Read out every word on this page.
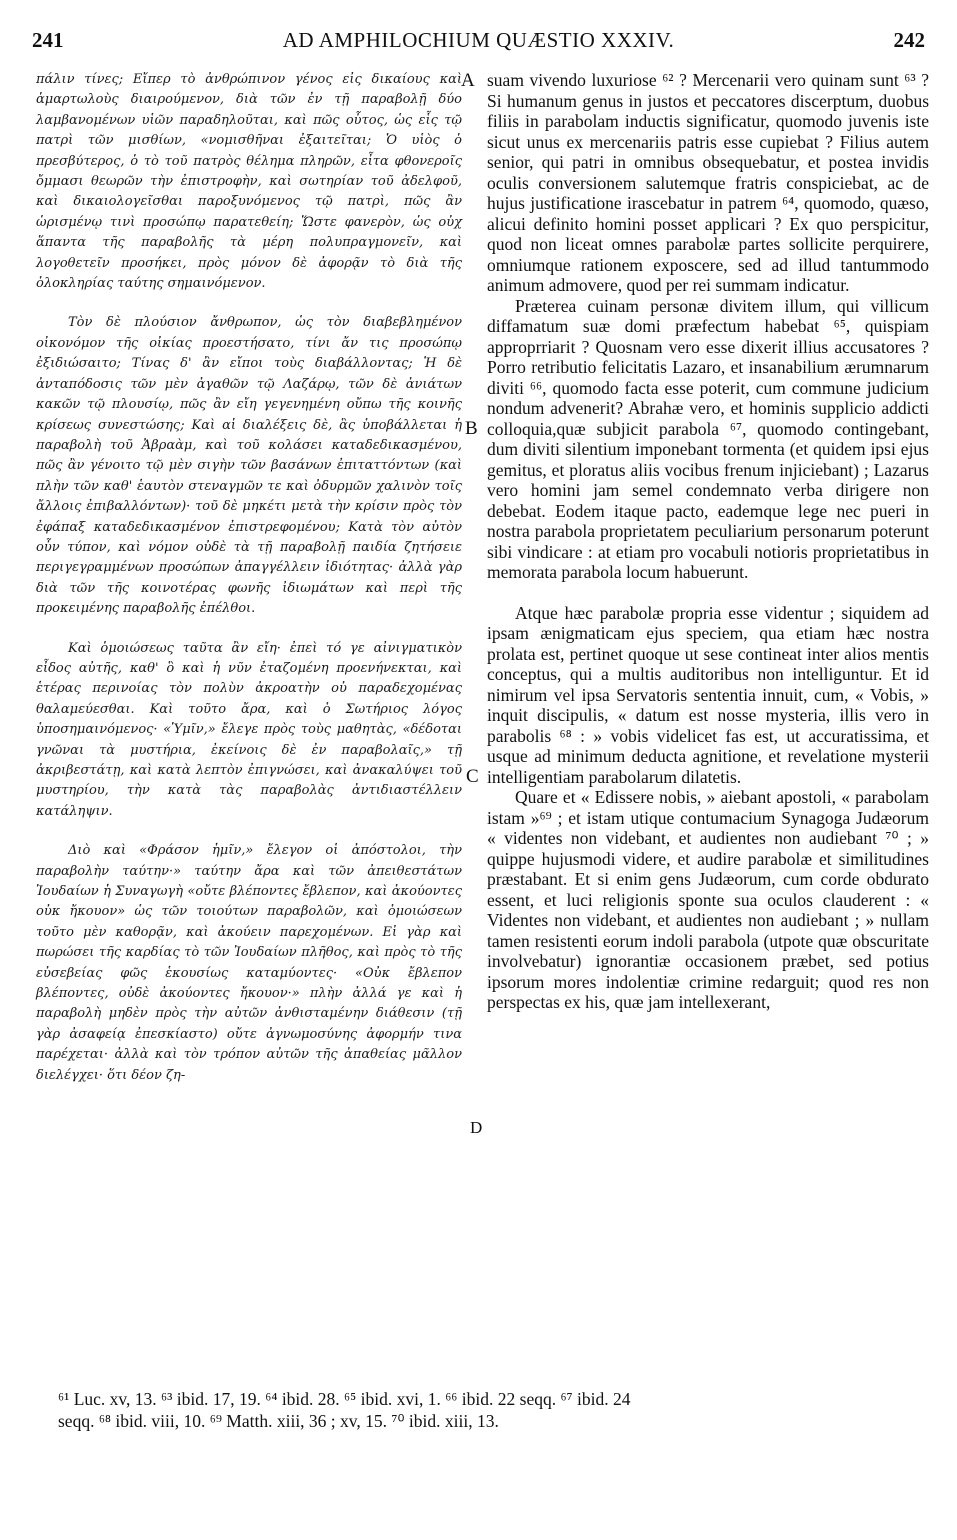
241	AD AMPHILOCHIUM QUÆSTIO XXXIV.	242

πάλιν τίνες; Εἴπερ τὸ ἀνθρώπινον γένος εἰς δικαίους καὶ ἁμαρτωλοὺς διαιρούμενον, διὰ τῶν ἐν τῇ παραβολῇ δύο λαμβανομένων υἱῶν παραδηλοῦται, καὶ πῶς οὗτος, ὡς εἷς τῷ πατρὶ τῶν μισθίων, «νομισθῆναι ἐξαιτεῖται; Ὁ υἱὸς ὁ πρεσβύτερος, ὁ τὸ τοῦ πατρὸς θέλημα πληρῶν, εἶτα φθονεροῖς ὄμμασι θεωρῶν τὴν ἐπιστροφὴν, καὶ σωτηρίαν τοῦ ἀδελφοῦ, καὶ δικαιολογεῖσθαι παροξυνόμενος τῷ πατρὶ, πῶς ἂν ὡρισμένῳ τινὶ προσώπῳ παρατεθείη; Ὥστε φανερὸν, ὡς οὐχ ἅπαντα τῆς παραβολῆς τὰ μέρη πολυπραγμονεῖν, καὶ λογοθετεῖν προσήκει, πρὸς μόνον δὲ ἀφορᾷν τὸ διὰ τῆς ὁλοκληρίας ταύτης σημαινόμενον.

Τὸν δὲ πλούσιον ἄνθρωπον, ὡς τὸν διαβεβλημένον οἰκονόμον τῆς οἰκίας προεστήσατο, τίνι ἄν τις προσώπῳ ἐξιδιώσαιτο; Τίνας δ' ἂν εἴποι τοὺς διαβάλλοντας; Ἡ δὲ ἀνταπόδοσις τῶν μὲν ἀγαθῶν τῷ Λαζάρῳ, τῶν δὲ ἀνιάτων κακῶν τῷ πλουσίῳ, πῶς ἂν εἴη γεγενημένη οὔπω τῆς κοινῆς κρίσεως συνεστώσης; Καὶ αἱ διαλέξεις δὲ, ἃς ὑποβάλλεται ἡ παραβολὴ τοῦ Ἀβραὰμ, καὶ τοῦ κολάσει καταδεδικασμένου, πῶς ἂν γένοιτο τῷ μὲν σιγὴν τῶν βασάνων ἐπιταττόντων (καὶ πλὴν τῶν καθ' ἑαυτὸν στεναγμῶν τε καὶ ὀδυρμῶν χαλινὸν τοῖς ἄλλοις ἐπιβαλλόντων)· τοῦ δὲ μηκέτι μετὰ τὴν κρίσιν πρὸς τὸν ἐφάπαξ καταδεδικασμένον ἐπιστρεφομένου; Κατὰ τὸν αὐτὸν οὖν τύπον, καὶ νόμον οὐδὲ τὰ τῇ παραβολῇ παιδία ζητήσειε περιγεγραμμένων προσώπων ἀπαγγέλλειν ἰδιότητας· ἀλλὰ γὰρ διὰ τῶν τῆς κοινοτέρας φωνῆς ἰδιωμάτων καὶ περὶ τῆς προκειμένης παραβολῆς ἐπέλθοι.

Καὶ ὁμοιώσεως ταῦτα ἂν εἴη· ἐπεὶ τό γε αἰνιγματικὸν εἶδος αὐτῆς, καθ' ὃ καὶ ἡ νῦν ἐταζομένη προενήνεκται, καὶ ἑτέρας περινοίας τὸν πολὺν ἀκροατὴν οὐ παραδεχομένας θαλαμεύεσθαι. Καὶ τοῦτο ἄρα, καὶ ὁ Σωτήριος λόγος ὑποσημαινόμενος· «Ὑμῖν,» ἔλεγε πρὸς τοὺς μαθητὰς, «δέδοται γνῶναι τὰ μυστήρια, ἐκείνοις δὲ ἐν παραβολαῖς,» τῇ ἀκριβεστάτῃ, καὶ κατὰ λεπτὸν ἐπιγνώσει, καὶ ἀνακαλύψει τοῦ μυστηρίου, τὴν κατὰ τὰς παραβολὰς ἀντιδιαστέλλειν κατάληψιν.

Διὸ καὶ «Φράσον ἡμῖν,» ἔλεγον οἱ ἀπόστολοι, τὴν παραβολὴν ταύτην·» ταύτην ἄρα καὶ τῶν ἀπειθεστάτων Ἰουδαίων ἡ Συναγωγὴ «οὔτε βλέποντες ἔβλεπον, καὶ ἀκούοντες οὐκ ἤκουον» ὡς τῶν τοιούτων παραβολῶν, καὶ ὁμοιώσεων τοῦτο μὲν καθορᾷν, καὶ ἀκούειν παρεχομένων. Εἰ γὰρ καὶ πωρώσει τῆς καρδίας τὸ τῶν Ἰουδαίων πλῆθος, καὶ πρὸς τὸ τῆς εὐσεβείας φῶς ἑκουσίως καταμύοντες· «Οὐκ ἔβλεπον βλέποντες, οὐδὲ ἀκούοντες ἤκουον·» πλὴν ἀλλά γε καὶ ἡ παραβολὴ μηδὲν πρὸς τὴν αὐτῶν ἀνθισταμένην διάθεσιν (τῇ γὰρ ἀσαφείᾳ ἐπεσκίαστο) οὔτε ἀγνωμοσύνης ἀφορμήν τινα παρέχεται· ἀλλὰ καὶ τὸν τρόπον αὐτῶν τῆς ἀπαθείας μᾶλλον διελέγχει· ὅτι δέον ζη-

A
B
C
D

suam vivendo luxuriose ⁶² ? Mercenarii vero quinam sunt ⁶³ ? Si humanum genus in justos et peccatores discerptum, duobus filiis in parabolam inductis significatur, quomodo juvenis iste sicut unus ex mercenariis patris esse cupiebat ? Filius autem senior, qui patri in omnibus obsequebatur, et postea invidis oculis conversionem salutemque fratris conspiciebat, ac de hujus justificatione irascebatur in patrem ⁶⁴, quomodo, quæso, alicui definito homini posset applicari ? Ex quo perspicitur, quod non liceat omnes parabolæ partes sollicite perquirere, omniumque rationem exposcere, sed ad illud tantummodo animum admovere, quod per rei summam indicatur.

Præterea cuinam personæ divitem illum, qui villicum diffamatum suæ domi præfectum habebat ⁶⁵, quispiam approprriarit ? Quosnam vero esse dixerit illius accusatores ? Porro retributio felicitatis Lazaro, et insanabilium ærumnarum diviti ⁶⁶, quomodo facta esse poterit, cum commune judicium nondum advenerit? Abrahæ vero, et hominis supplicio addicti colloquia,quæ subjicit parabola ⁶⁷, quomodo contingebant, dum diviti silentium imponebant tormenta (et quidem ipsi ejus gemitus, et ploratus aliis vocibus frenum injiciebant) ; Lazarus vero homini jam semel condemnato verba dirigere non debebat. Eodem itaque pacto, eademque lege nec pueri in nostra parabola proprietatem peculiarium personarum poterunt sibi vindicare : at etiam pro vocabuli notioris proprietatibus in memorata parabola locum habuerunt.

Atque hæc parabolæ propria esse videntur ; siquidem ad ipsam ænigmaticam ejus speciem, qua etiam hæc nostra prolata est, pertinet quoque ut sese contineat inter alios mentis conceptus, qui a multis auditoribus non intelliguntur. Et id nimirum vel ipsa Servatoris sententia innuit, cum, « Vobis, » inquit discipulis, « datum est nosse mysteria, illis vero in parabolis ⁶⁸ : » vobis videlicet fas est, ut accuratissima, et usque ad minimum deducta agnitione, et revelatione mysterii intelligentiam parabolarum dilatetis.

Quare et « Edissere nobis, » aiebant apostoli, « parabolam istam »⁶⁹ ; et istam utique contumacium Synagoga Judæorum « videntes non videbant, et audientes non audiebant ⁷⁰ ; » quippe hujusmodi videre, et audire parabolæ et similitudines præstabant. Et si enim gens Judæorum, cum corde obdurato essent, et luci religionis sponte sua oculos clauderent : « Videntes non videbant, et audientes non audiebant ; » nullam tamen resistenti eorum indoli parabola (utpote quæ obscuritate involvebatur) ignorantiæ occasionem præbet, sed potius ipsorum mores indolentiæ crimine redarguit; quod res non perspectas ex his, quæ jam intellexerant,

⁶¹ Luc. xv, 13. ⁶³ ibid. 17, 19. ⁶⁴ ibid. 28. ⁶⁵ ibid. xvi, 1. ⁶⁶ ibid. 22 seqq. ⁶⁷ ibid. 24
seqq. ⁶⁸ ibid. viii, 10. ⁶⁹ Matth. xiii, 36 ; xv, 15. ⁷⁰ ibid. xiii, 13.
